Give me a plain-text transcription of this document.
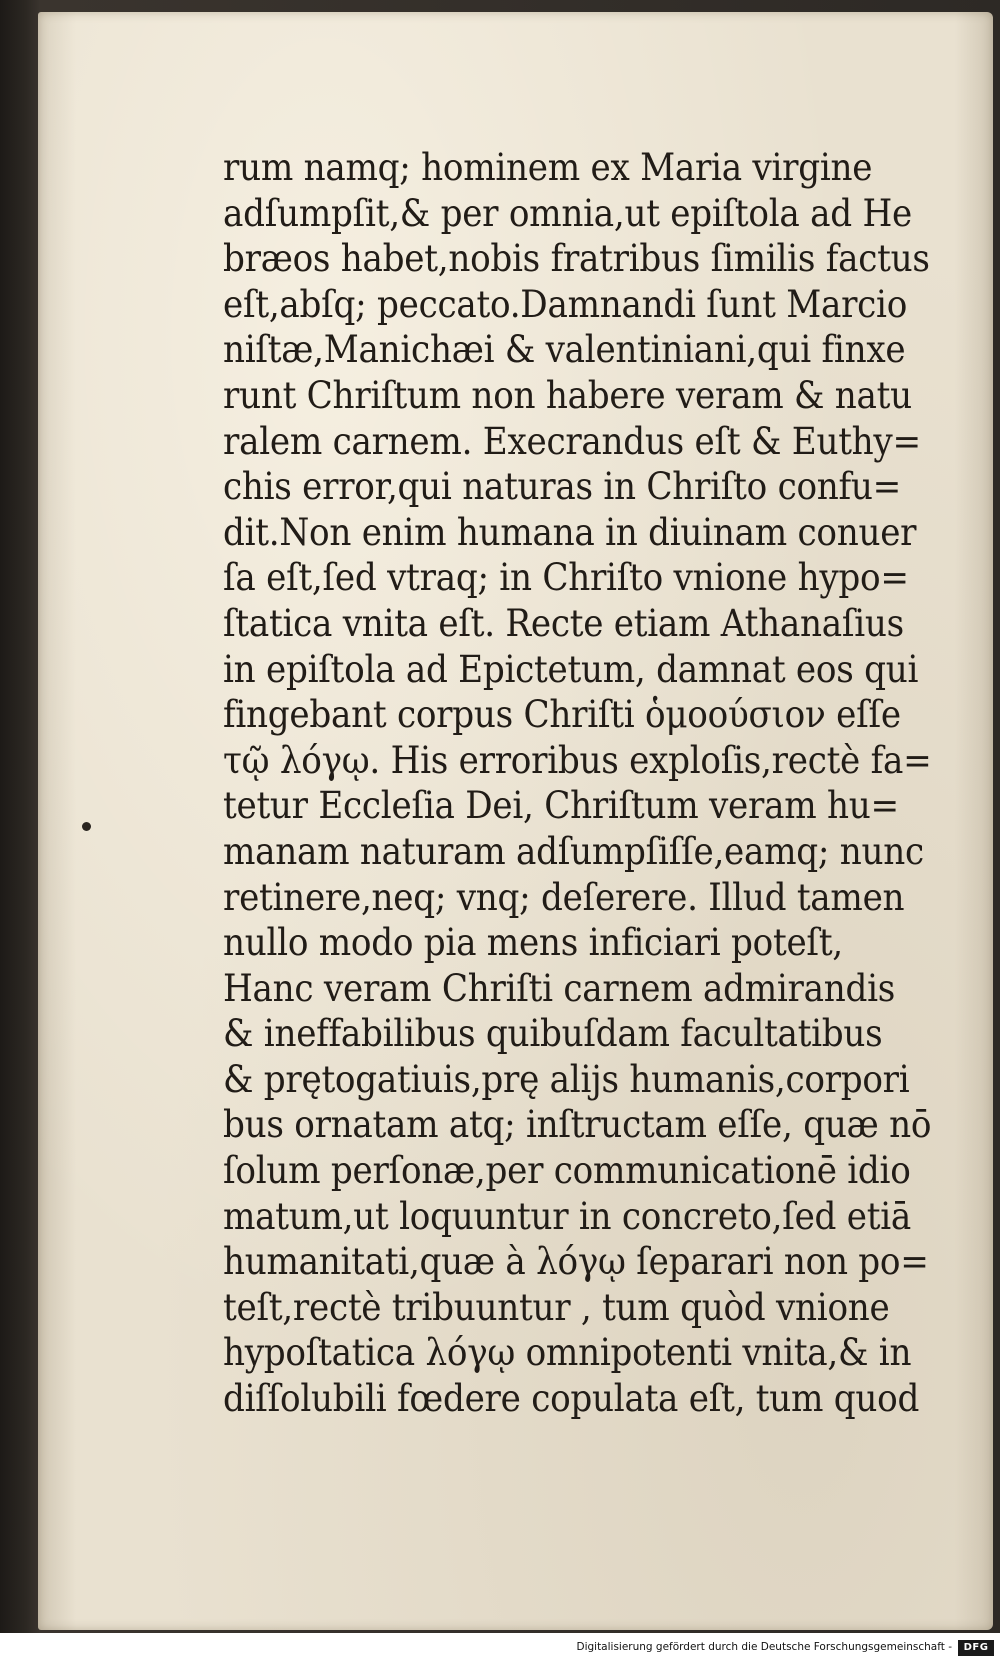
rum namq; hominem ex Maria virgine
adſumpſit,& per omnia,ut epiſtola ad He
bræos habet,nobis fratribus ſimilis factus
eſt,abſq; peccato.Damnandi ſunt Marcio
niſtæ,Manichæi & valentiniani,qui finxe
runt Chriſtum non habere veram & natu
ralem carnem. Execrandus eſt & Euthy=
chis error,qui naturas in Chriſto confu=
dit.Non enim humana in diuinam conuer
ſa eſt,ſed vtraq; in Chriſto vnione hypo=
ſtatica vnita eſt. Recte etiam Athanaſius
in epiſtola ad Epictetum, damnat eos qui
fingebant corpus Chriſti ὁμοούσιον eſſe
τῷ λόγῳ. His erroribus exploſis,rectè fa=
tetur Eccleſia Dei, Chriſtum veram hu=
manam naturam adſumpſiſſe,eamq; nunc
retinere,neq; vnq; deſerere. Illud tamen
nullo modo pia mens inficiari poteſt,
Hanc veram Chriſti carnem admirandis
& ineffabilibus quibuſdam facultatibus
& prętogatiuis,prę alijs humanis,corpori
bus ornatam atq; inſtructam eſſe, quæ nō
ſolum perſonæ,per communicationē idio
matum,ut loquuntur in concreto,ſed etiā
humanitati,quæ à λόγῳ ſeparari non po=
teſt,rectè tribuuntur , tum quòd vnione
hypoſtatica λόγῳ omnipotenti vnita,& in
diſſolubili fœdere copulata eſt, tum quod
Digitalisierung gefördert durch die Deutsche Forschungsgemeinschaft -	DFG
